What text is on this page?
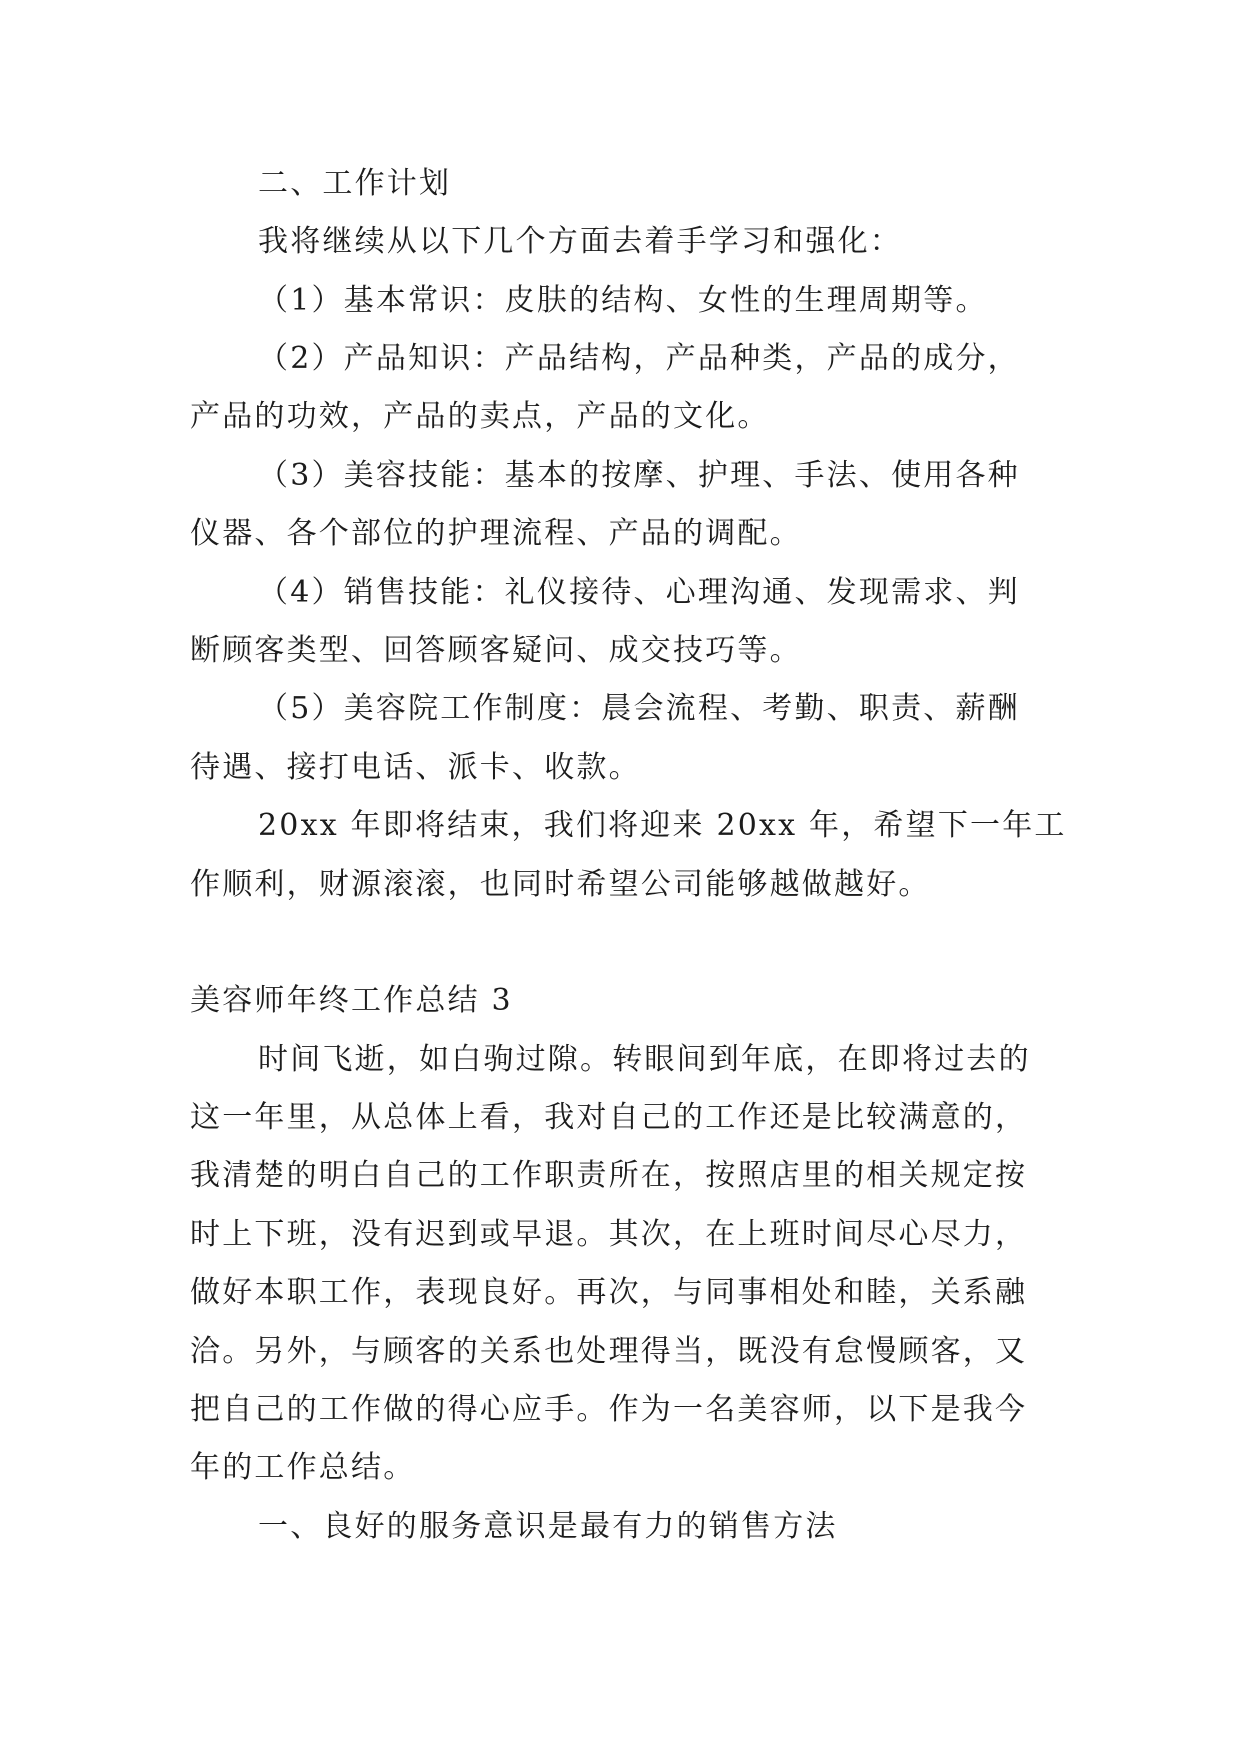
二、工作计划
我将继续从以下几个方面去着手学习和强化：
（1）基本常识：皮肤的结构、女性的生理周期等。
（2）产品知识：产品结构，产品种类，产品的成分，
产品的功效，产品的卖点，产品的文化。
（3）美容技能：基本的按摩、护理、手法、使用各种
仪器、各个部位的护理流程、产品的调配。
（4）销售技能：礼仪接待、心理沟通、发现需求、判
断顾客类型、回答顾客疑问、成交技巧等。
（5）美容院工作制度：晨会流程、考勤、职责、薪酬
待遇、接打电话、派卡、收款。
20xx 年即将结束，我们将迎来 20xx 年，希望下一年工
作顺利，财源滚滚，也同时希望公司能够越做越好。
美容师年终工作总结 3
时间飞逝，如白驹过隙。转眼间到年底，在即将过去的
这一年里，从总体上看，我对自己的工作还是比较满意的，
我清楚的明白自己的工作职责所在，按照店里的相关规定按
时上下班，没有迟到或早退。其次，在上班时间尽心尽力，
做好本职工作，表现良好。再次，与同事相处和睦，关系融
洽。另外，与顾客的关系也处理得当，既没有怠慢顾客，又
把自己的工作做的得心应手。作为一名美容师，以下是我今
年的工作总结。
一、良好的服务意识是最有力的销售方法
